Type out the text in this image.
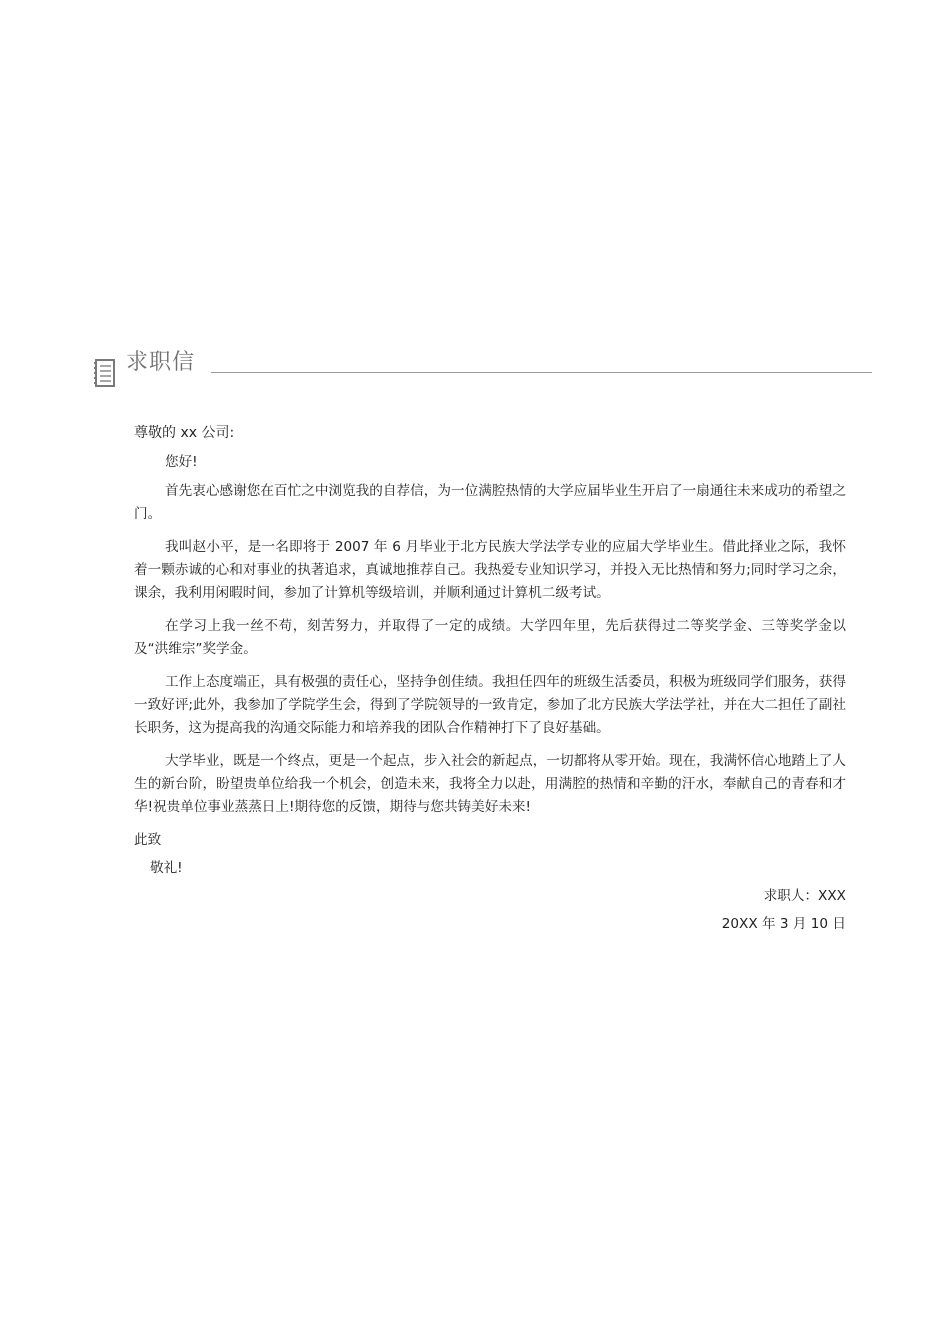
求职信

尊敬的 xx 公司:

您好!

首先衷心感谢您在百忙之中浏览我的自荐信，为一位满腔热情的大学应届毕业生开启了一扇通往未来成功的希望之门。

我叫赵小平，是一名即将于 2007 年 6 月毕业于北方民族大学法学专业的应届大学毕业生。借此择业之际，我怀着一颗赤诚的心和对事业的执著追求，真诚地推荐自己。我热爱专业知识学习，并投入无比热情和努力;同时学习之余，课余，我利用闲暇时间，参加了计算机等级培训，并顺利通过计算机二级考试。

在学习上我一丝不苟，刻苦努力，并取得了一定的成绩。大学四年里，先后获得过二等奖学金、三等奖学金以及“洪维宗”奖学金。

工作上态度端正，具有极强的责任心，坚持争创佳绩。我担任四年的班级生活委员，积极为班级同学们服务，获得一致好评;此外，我参加了学院学生会，得到了学院领导的一致肯定，参加了北方民族大学法学社，并在大二担任了副社长职务，这为提高我的沟通交际能力和培养我的团队合作精神打下了良好基础。

大学毕业，既是一个终点，更是一个起点，步入社会的新起点，一切都将从零开始。现在，我满怀信心地踏上了人生的新台阶，盼望贵单位给我一个机会，创造未来，我将全力以赴，用满腔的热情和辛勤的汗水，奉献自己的青春和才华!祝贵单位事业蒸蒸日上!期待您的反馈，期待与您共铸美好未来!

此致

敬礼!

求职人：XXX

20XX 年 3 月 10 日
